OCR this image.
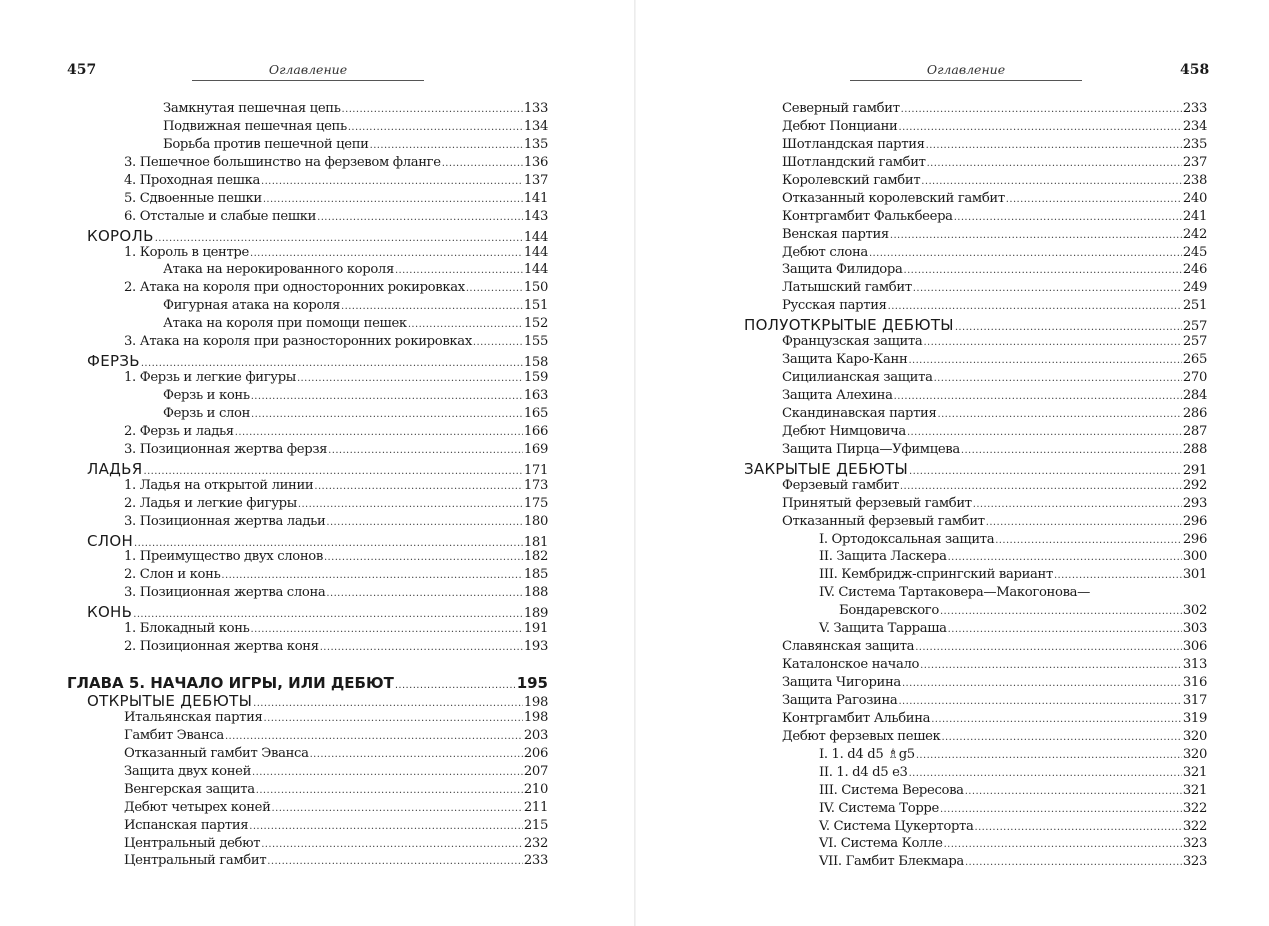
457	Оглавление
Замкнутая пешечная цепь .....	133
Подвижная пешечная цепь .....	134
Борьба против пешечной цепи .....	135
3. Пешечное большинство на ферзевом фланге .....	136
4. Проходная пешка .....	137
5. Сдвоенные пешки .....	141
6. Отсталые и слабые пешки .....	143
КОРОЛЬ .....	144
1. Король в центре .....	144
Атака на нерокированного короля .....	144
2. Атака на короля при односторонних рокировках .....	150
Фигурная атака на короля .....	151
Атака на короля при помощи пешек .....	152
3. Атака на короля при разносторонних рокировках .....	155
ФЕРЗЬ .....	158
1. Ферзь и легкие фигуры .....	159
Ферзь и конь .....	163
Ферзь и слон .....	165
2. Ферзь и ладья .....	166
3. Позиционная жертва ферзя .....	169
ЛАДЬЯ .....	171
1. Ладья на открытой линии .....	173
2. Ладья и легкие фигуры .....	175
3. Позиционная жертва ладьи .....	180
СЛОН .....	181
1. Преимущество двух слонов .....	182
2. Слон и конь .....	185
3. Позиционная жертва слона .....	188
КОНЬ .....	189
1. Блокадный конь .....	191
2. Позиционная жертва коня .....	193
ГЛАВА 5. НАЧАЛО ИГРЫ, ИЛИ ДЕБЮТ .....	195
ОТКРЫТЫЕ ДЕБЮТЫ .....	198
Итальянская партия .....	198
Гамбит Эванса .....	203
Отказанный гамбит Эванса .....	206
Защита двух коней .....	207
Венгерская защита .....	210
Дебют четырех коней .....	211
Испанская партия .....	215
Центральный дебют .....	232
Центральный гамбит .....	233
Оглавление	458
Северный гамбит .....	233
Дебют Понциани .....	234
Шотландская партия .....	235
Шотландский гамбит .....	237
Королевский гамбит .....	238
Отказанный королевский гамбит .....	240
Контргамбит Фалькбеера .....	241
Венская партия .....	242
Дебют слона .....	245
Защита Филидора .....	246
Латышский гамбит .....	249
Русская партия .....	251
ПОЛУОТКРЫТЫЕ ДЕБЮТЫ .....	257
Французская защита .....	257
Защита Каро-Канн .....	265
Сицилианская защита .....	270
Защита Алехина .....	284
Скандинавская партия .....	286
Дебют Нимцовича .....	287
Защита Пирца—Уфимцева .....	288
ЗАКРЫТЫЕ ДЕБЮТЫ .....	291
Ферзевый гамбит .....	292
Принятый ферзевый гамбит .....	293
Отказанный ферзевый гамбит .....	296
I. Ортодоксальная защита .....	296
II. Защита Ласкера .....	300
III. Кембридж-спрингский вариант .....	301
IV. Система Тартаковера—Макогонова—
Бондаревского .....	302
V. Защита Тарраша .....	303
Славянская защита .....	306
Каталонское начало .....	313
Защита Чигорина .....	316
Защита Рагозина .....	317
Контргамбит Альбина .....	319
Дебют ферзевых пешек .....	320
I. 1. d4 d5 ♗g5 .....	320
II. 1. d4 d5 e3 .....	321
III. Система Вересова .....	321
IV. Система Торре .....	322
V. Система Цукерторта .....	322
VI. Система Колле .....	323
VII. Гамбит Блекмара .....	323
